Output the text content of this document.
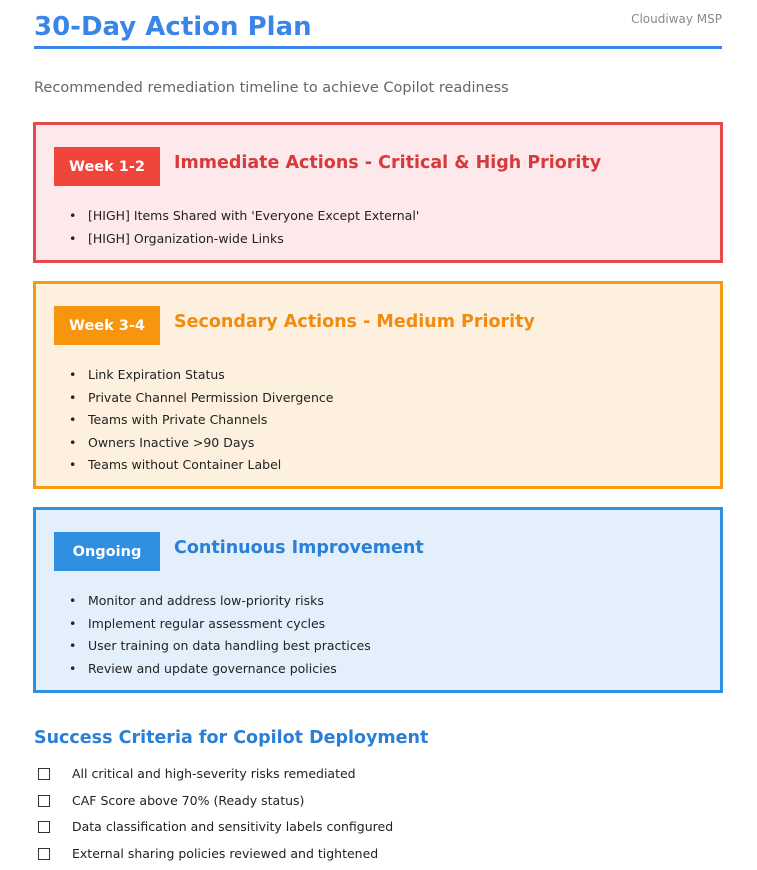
30-Day Action Plan	Cloudiway MSP
Recommended remediation timeline to achieve Copilot readiness
Week 1-2	Immediate Actions - Critical & High Priority
• [HIGH] Items Shared with 'Everyone Except External'
• [HIGH] Organization-wide Links
Week 3-4	Secondary Actions - Medium Priority
• Link Expiration Status
• Private Channel Permission Divergence
• Teams with Private Channels
• Owners Inactive >90 Days
• Teams without Container Label
Ongoing	Continuous Improvement
• Monitor and address low-priority risks
• Implement regular assessment cycles
• User training on data handling best practices
• Review and update governance policies
Success Criteria for Copilot Deployment
All critical and high-severity risks remediated
CAF Score above 70% (Ready status)
Data classification and sensitivity labels configured
External sharing policies reviewed and tightened
